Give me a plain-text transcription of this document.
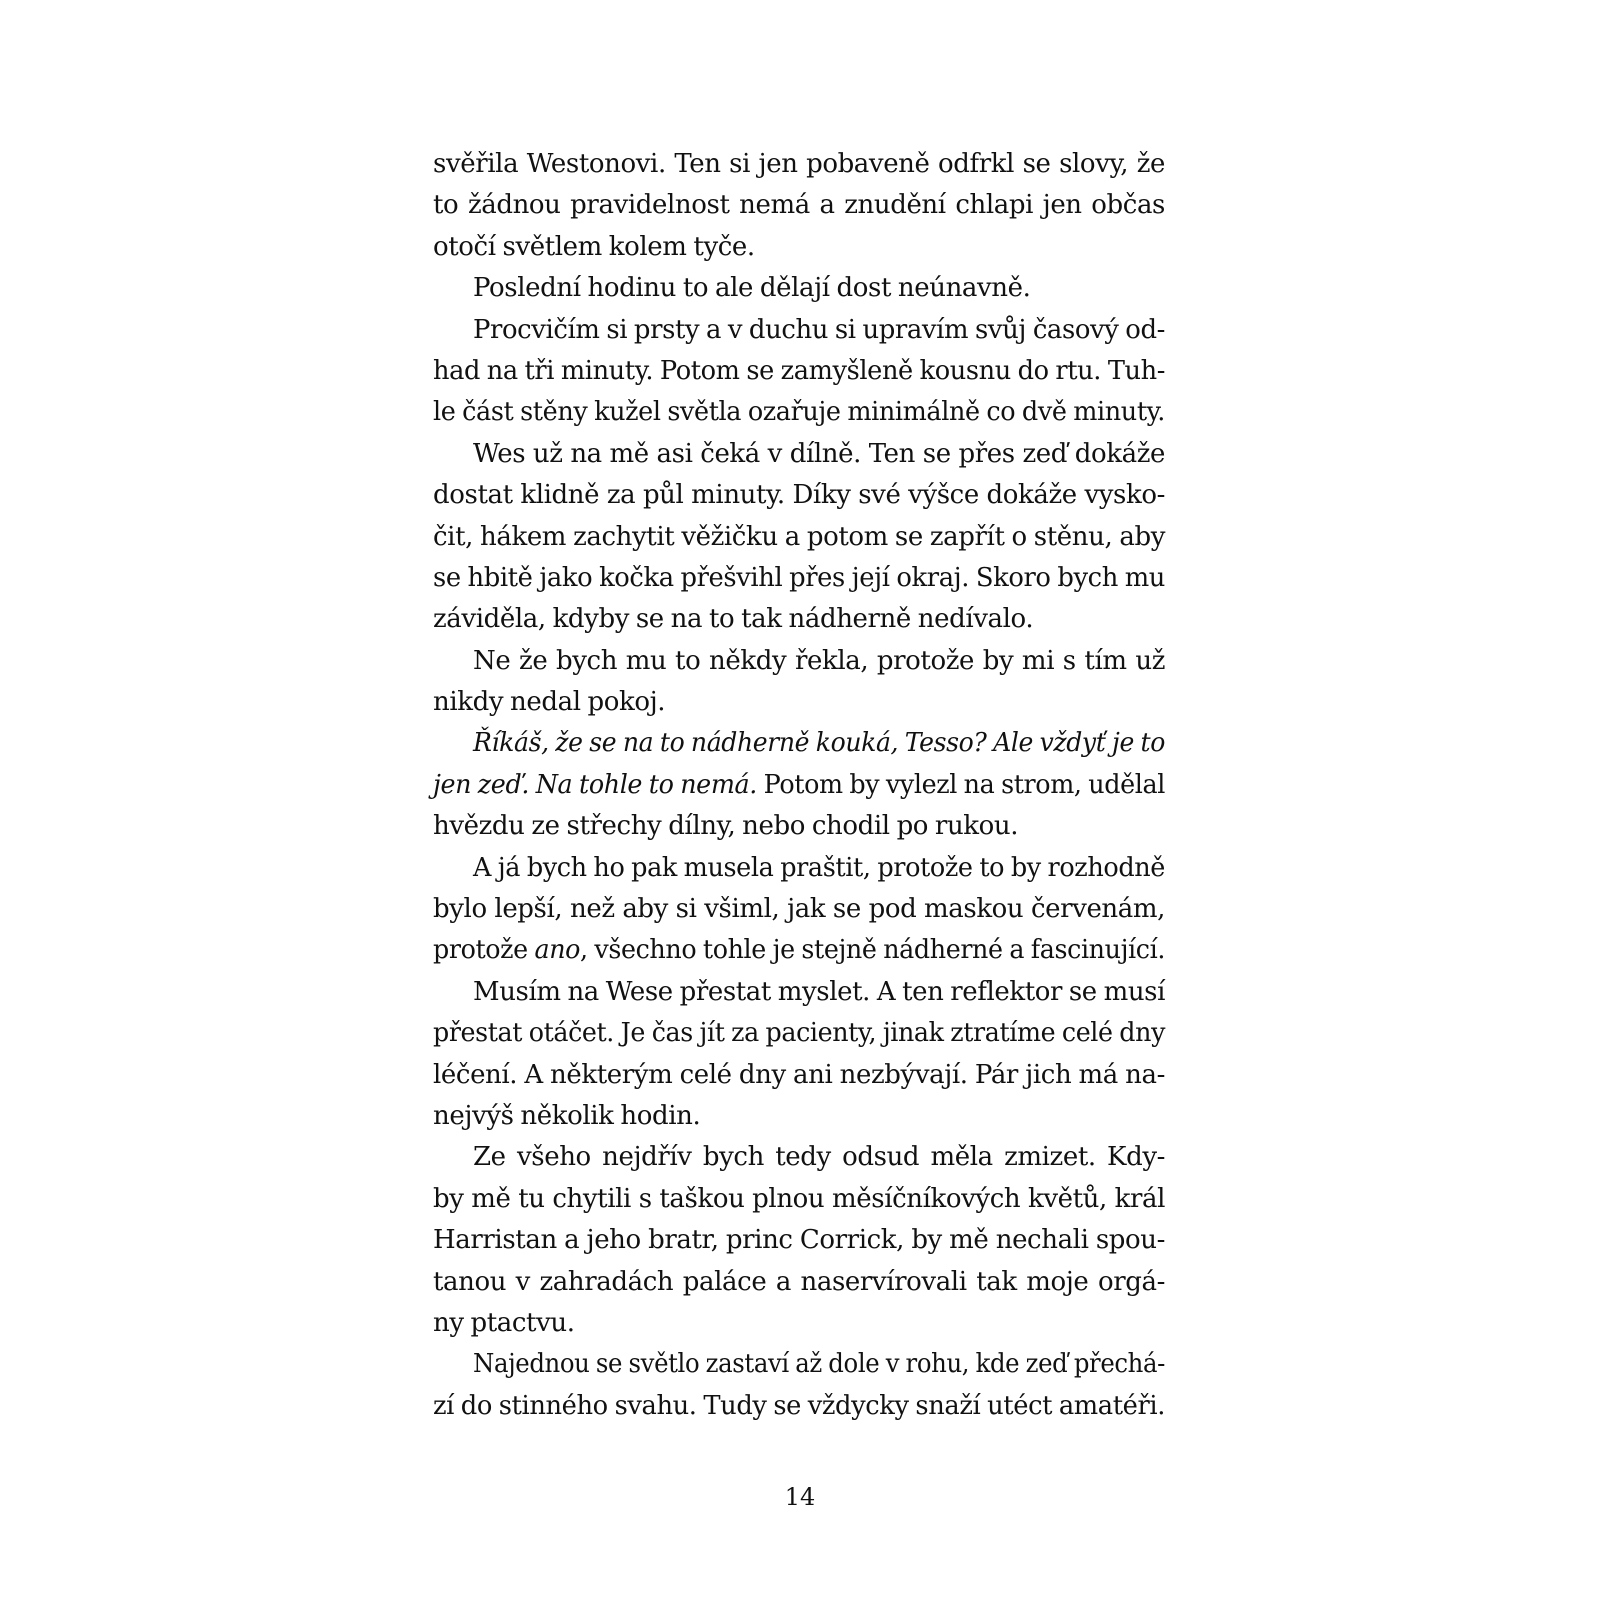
svěřila Westonovi. Ten si jen pobaveně odfrkl se slovy, že
to žádnou pravidelnost nemá a znudění chlapi jen občas
otočí světlem kolem tyče.
Poslední hodinu to ale dělají dost neúnavně.
Procvičím si prsty a v duchu si upravím svůj časový od-
had na tři minuty. Potom se zamyšleně kousnu do rtu. Tuh-
le část stěny kužel světla ozařuje minimálně co dvě minuty.
Wes už na mě asi čeká v dílně. Ten se přes zeď dokáže
dostat klidně za půl minuty. Díky své výšce dokáže vysko-
čit, hákem zachytit věžičku a potom se zapřít o stěnu, aby
se hbitě jako kočka přešvihl přes její okraj. Skoro bych mu
záviděla, kdyby se na to tak nádherně nedívalo.
Ne že bych mu to někdy řekla, protože by mi s tím už
nikdy nedal pokoj.
Říkáš, že se na to nádherně kouká, Tesso? Ale vždyť je to
jen zeď. Na tohle to nemá. Potom by vylezl na strom, udělal
hvězdu ze střechy dílny, nebo chodil po rukou.
A já bych ho pak musela praštit, protože to by rozhodně
bylo lepší, než aby si všiml, jak se pod maskou červenám,
protože ano, všechno tohle je stejně nádherné a fascinující.
Musím na Wese přestat myslet. A ten reflektor se musí
přestat otáčet. Je čas jít za pacienty, jinak ztratíme celé dny
léčení. A některým celé dny ani nezbývají. Pár jich má na-
nejvýš několik hodin.
Ze všeho nejdřív bych tedy odsud měla zmizet. Kdy-
by mě tu chytili s taškou plnou měsíčníkových květů, král
Harristan a jeho bratr, princ Corrick, by mě nechali spou-
tanou v zahradách paláce a naservírovali tak moje orgá-
ny ptactvu.
Najednou se světlo zastaví až dole v rohu, kde zeď přechá-
zí do stinného svahu. Tudy se vždycky snaží utéct amatéři.
14
